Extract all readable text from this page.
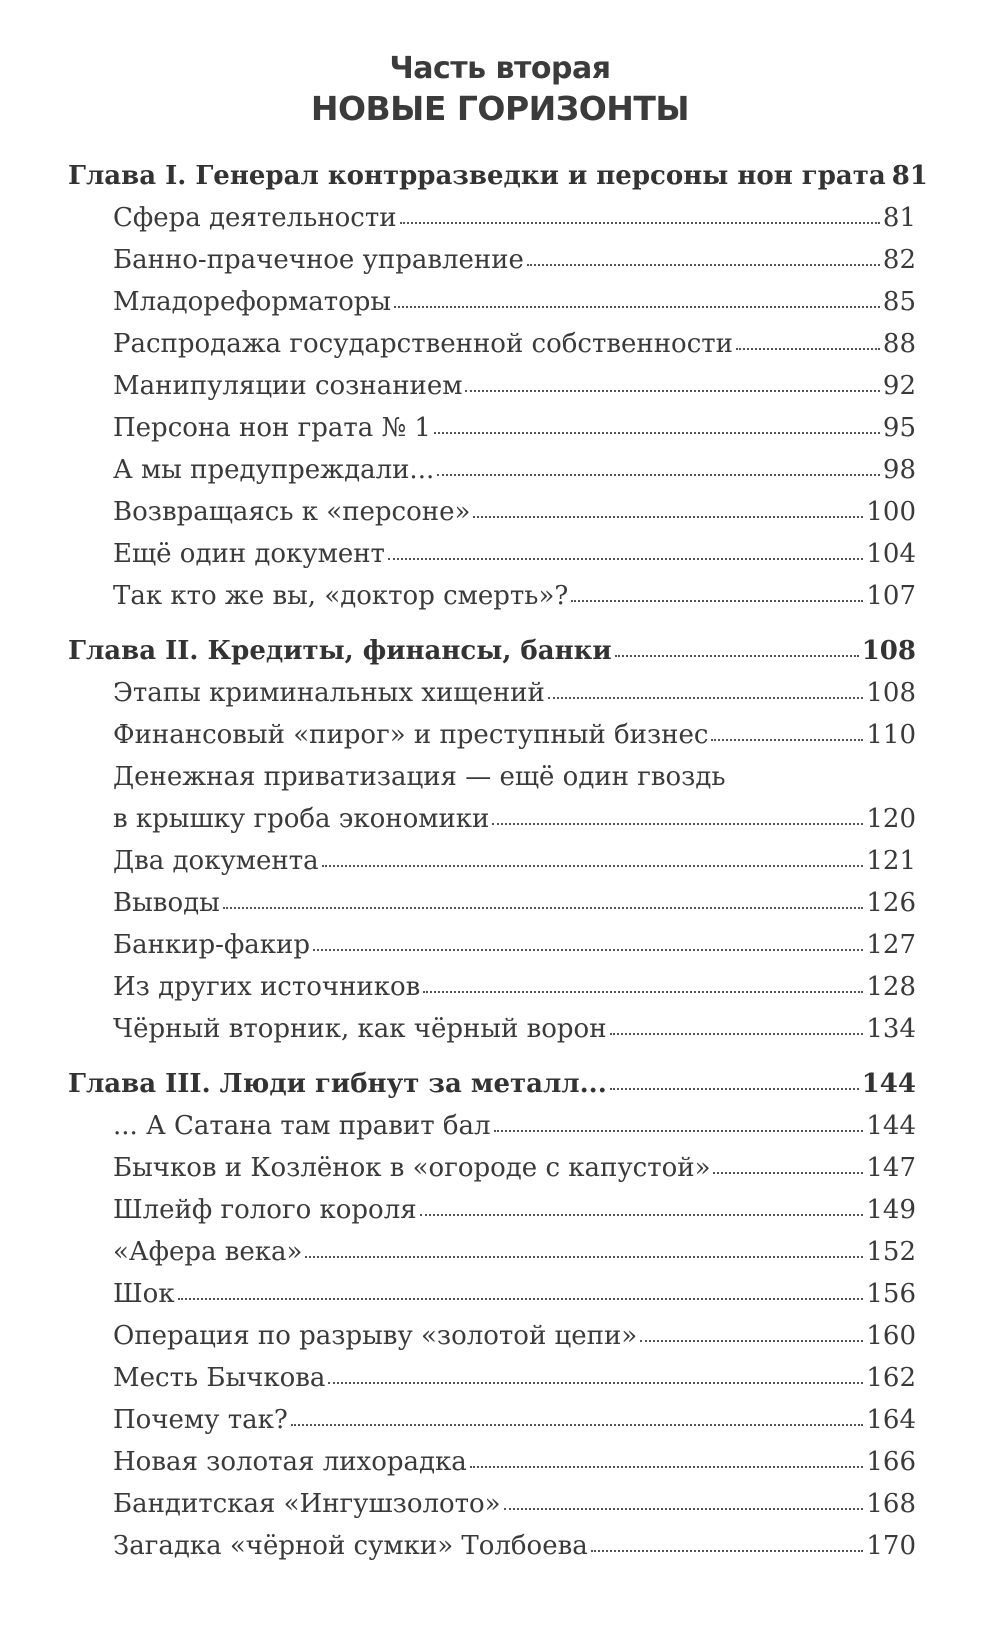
Часть вторая
НОВЫЕ ГОРИЗОНТЫ
Глава I. Генерал контрразведки и персоны нон грата 81
Сфера деятельности	81
Банно-прачечное управление	82
Младореформаторы	85
Распродажа государственной собственности	88
Манипуляции сознанием	92
Персона нон грата № 1	95
А мы предупреждали...	98
Возвращаясь к «персоне»	100
Ещё один документ	104
Так кто же вы, «доктор смерть»?	107
Глава II. Кредиты, финансы, банки	108
Этапы криминальных хищений	108
Финансовый «пирог» и преступный бизнес	110
Денежная приватизация — ещё один гвоздь
в крышку гроба экономики	120
Два документа	121
Выводы	126
Банкир-факир	127
Из других источников	128
Чёрный вторник, как чёрный ворон	134
Глава III. Люди гибнут за металл...	144
... А Сатана там правит бал	144
Бычков и Козлёнок в «огороде с капустой»	147
Шлейф голого короля	149
«Афера века»	152
Шок	156
Операция по разрыву «золотой цепи»	160
Месть Бычкова	162
Почему так?	164
Новая золотая лихорадка	166
Бандитская «Ингушзолото»	168
Загадка «чёрной сумки» Толбоева	170
